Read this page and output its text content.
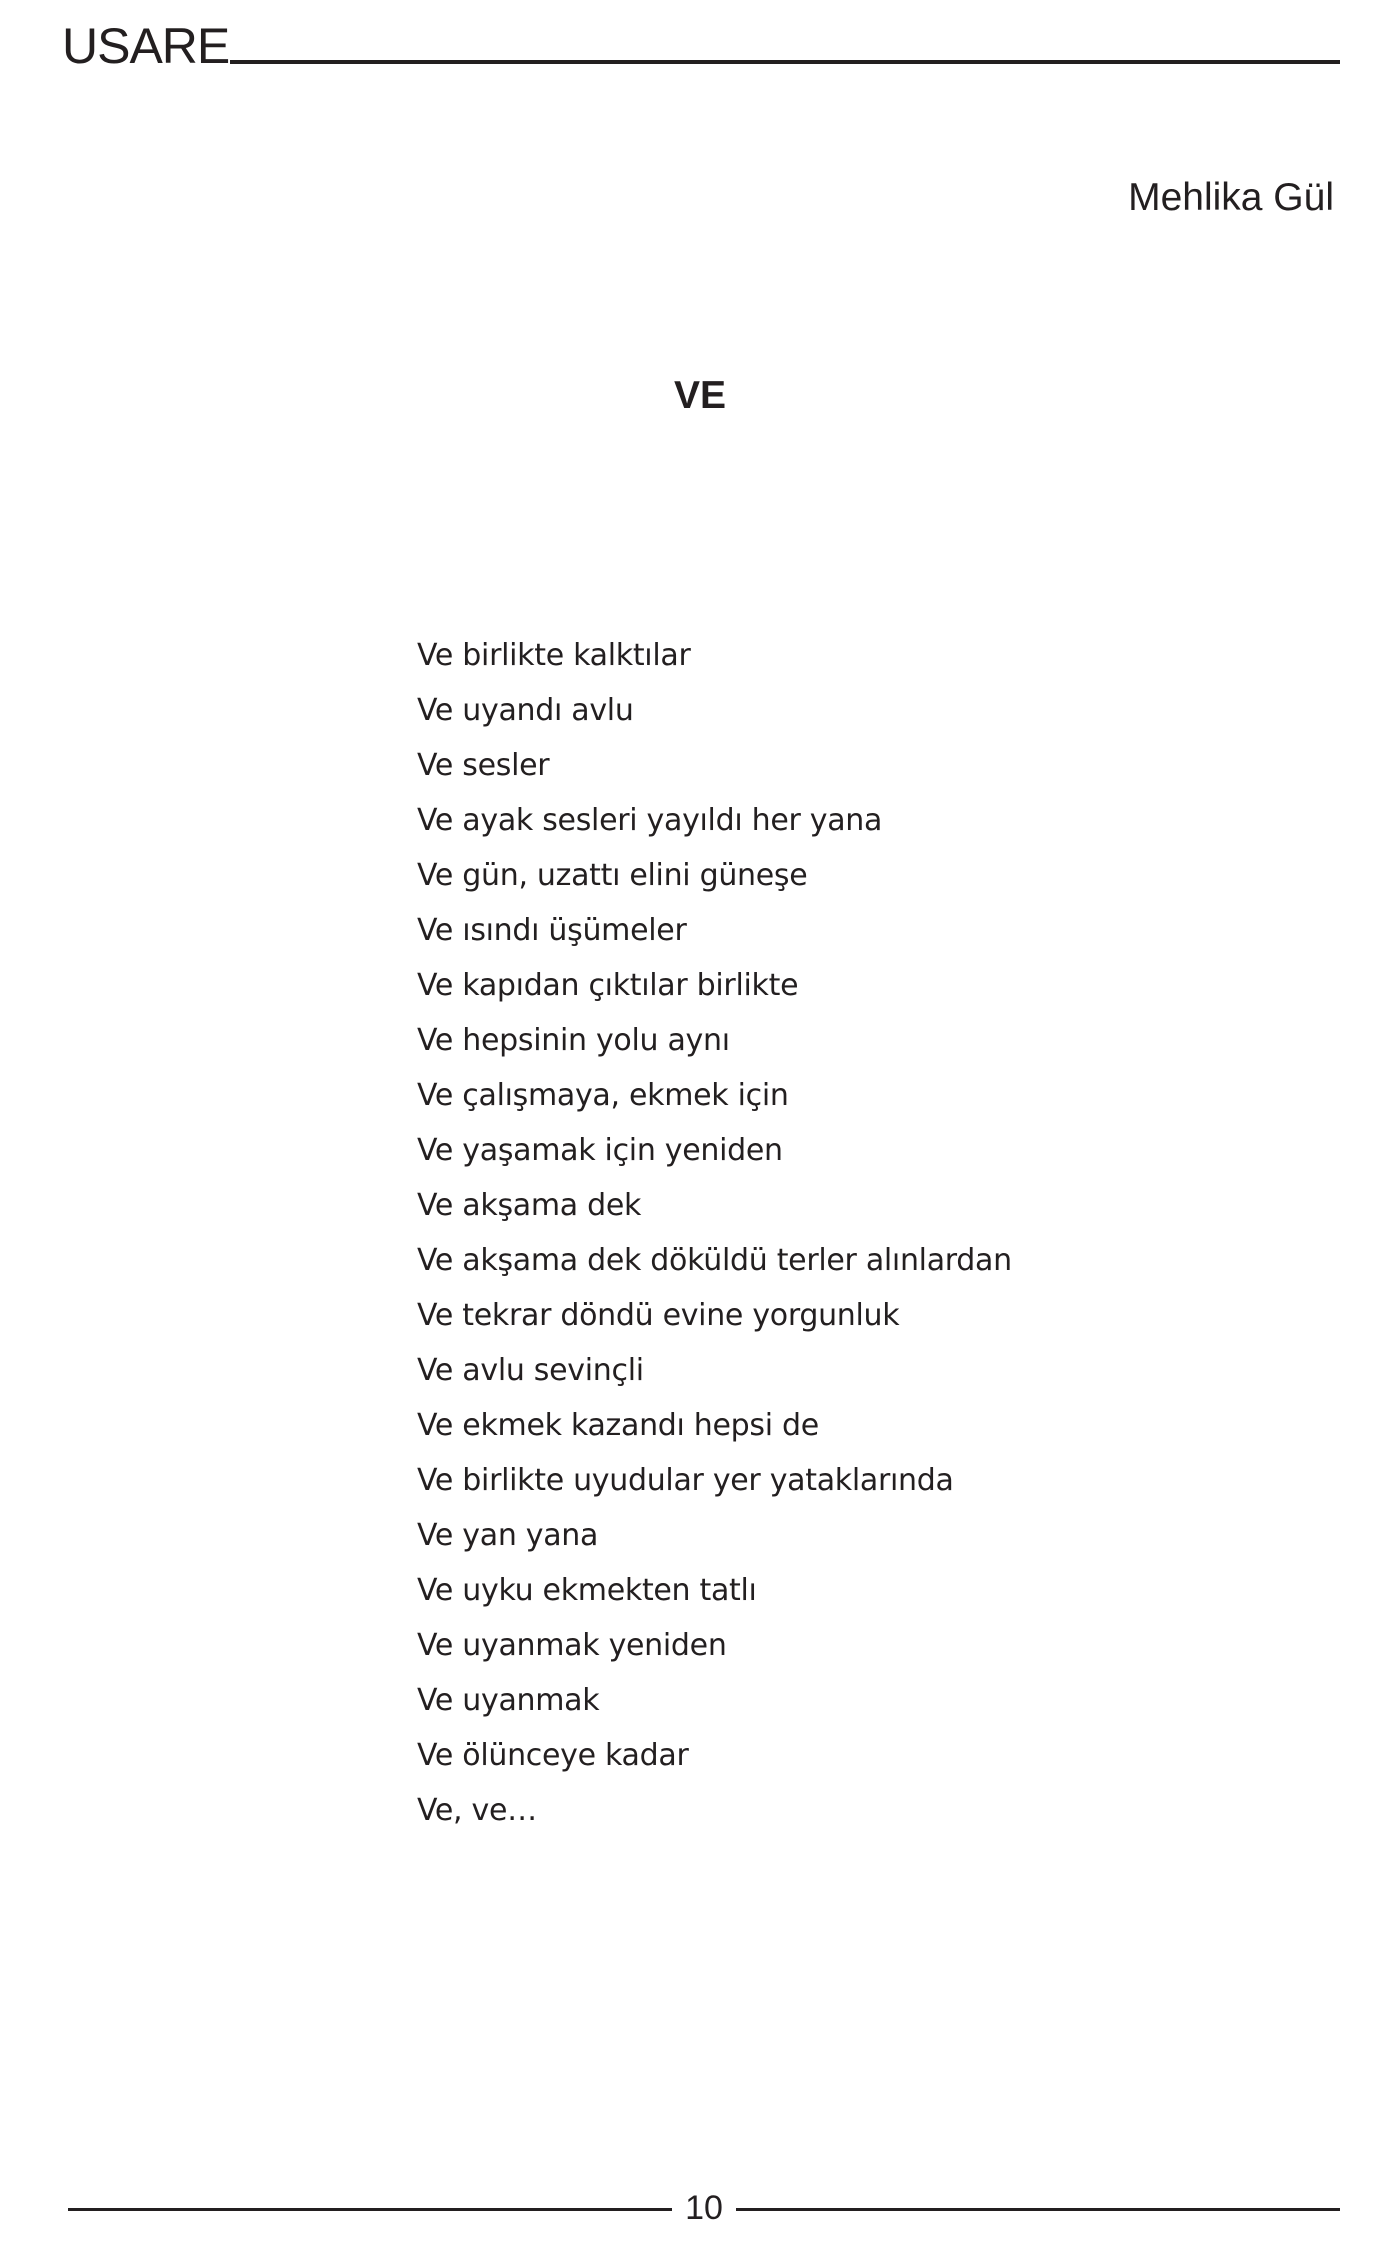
USARE
Mehlika Gül
VE
Ve birlikte kalktılar
Ve uyandı avlu
Ve sesler
Ve ayak sesleri yayıldı her yana
Ve gün, uzattı elini güneşe
Ve ısındı üşümeler
Ve kapıdan çıktılar birlikte
Ve hepsinin yolu aynı
Ve çalışmaya, ekmek için
Ve yaşamak için yeniden
Ve akşama dek
Ve akşama dek döküldü terler alınlardan
Ve tekrar döndü evine yorgunluk
Ve avlu sevinçli
Ve ekmek kazandı hepsi de
Ve birlikte uyudular yer yataklarında
Ve yan yana
Ve uyku ekmekten tatlı
Ve uyanmak yeniden
Ve uyanmak
Ve ölünceye kadar
Ve, ve…
10
